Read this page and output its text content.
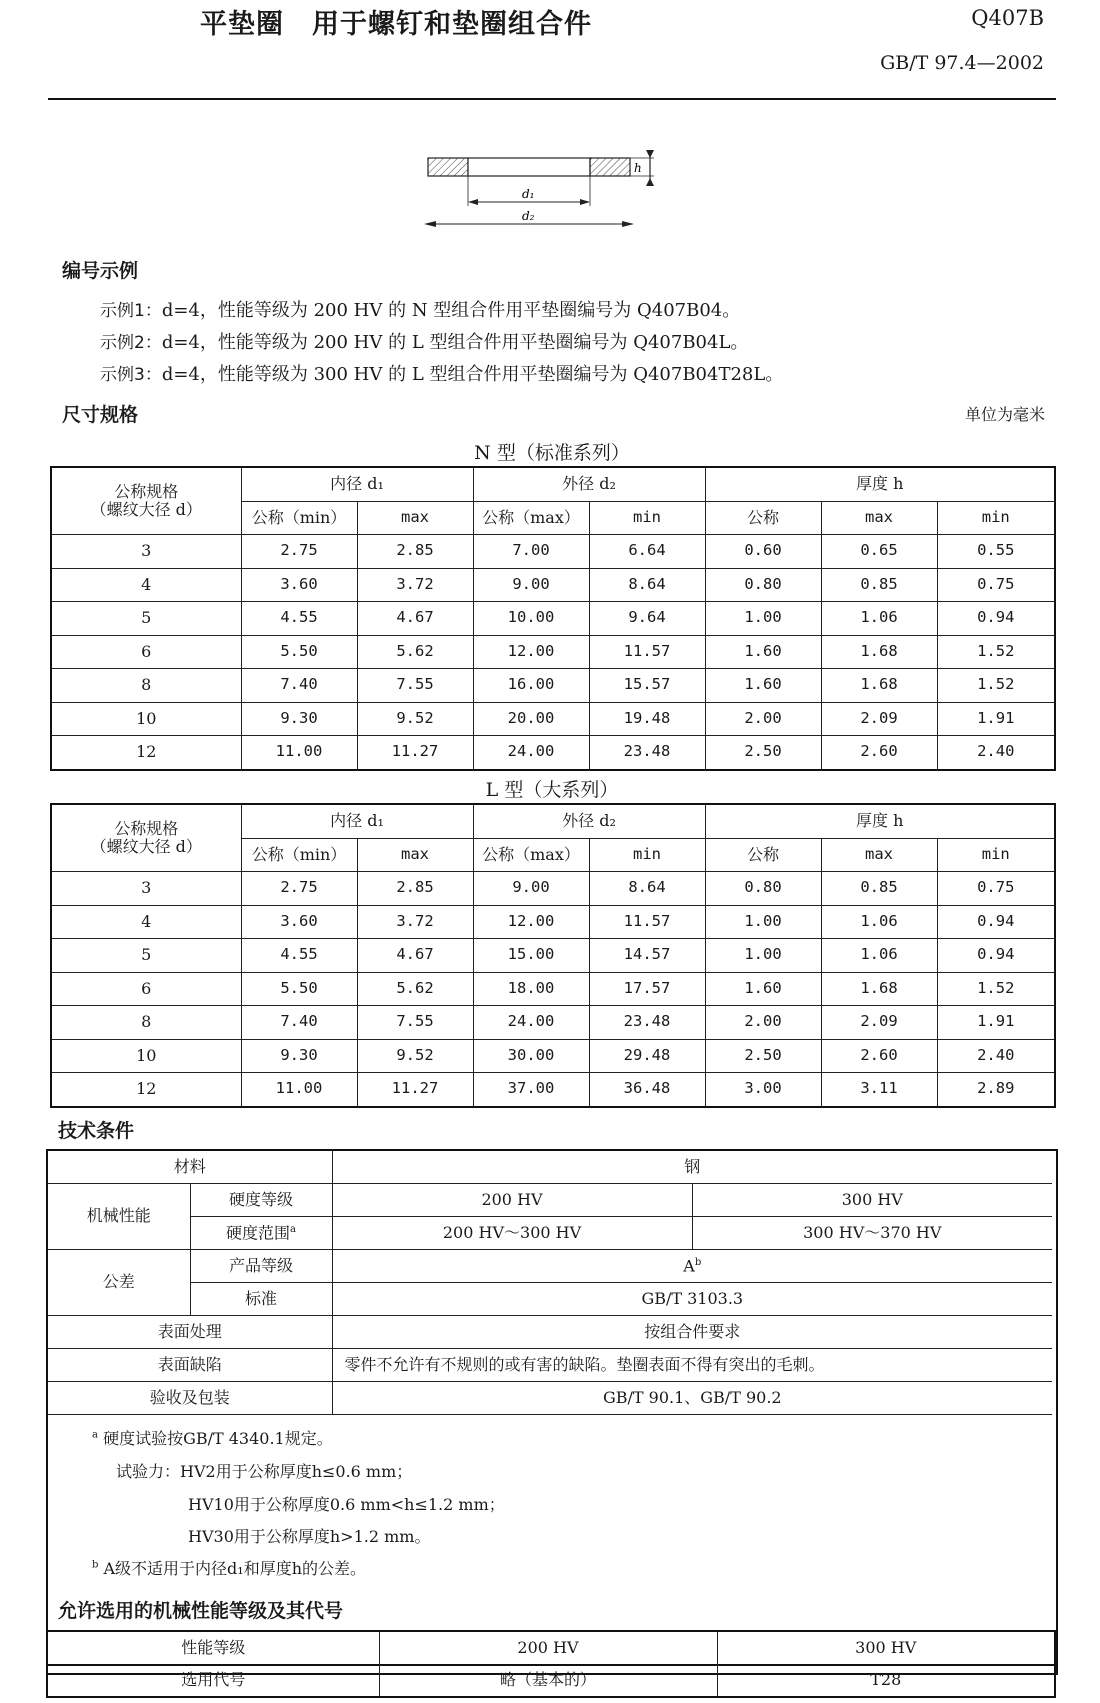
平垫圈　用于螺钉和垫圈组合件	Q407B
GB/T 97.4—2002
h
d₁
d₂
编号示例
示例1：d=4，性能等级为 200 HV 的 N 型组合件用平垫圈编号为 Q407B04。
示例2：d=4，性能等级为 200 HV 的 L 型组合件用平垫圈编号为 Q407B04L。
示例3：d=4，性能等级为 300 HV 的 L 型组合件用平垫圈编号为 Q407B04T28L。
尺寸规格	单位为毫米
N 型（标准系列）
公称规格
（螺纹大径 d）	内径 d₁		外径 d₂		厚度 h		
	公称（min）	max	公称（max）	min	公称	max	min
3	2.75	2.85	7.00	6.64	0.60	0.65	0.55
4	3.60	3.72	9.00	8.64	0.80	0.85	0.75
5	4.55	4.67	10.00	9.64	1.00	1.06	0.94
6	5.50	5.62	12.00	11.57	1.60	1.68	1.52
8	7.40	7.55	16.00	15.57	1.60	1.68	1.52
10	9.30	9.52	20.00	19.48	2.00	2.09	1.91
12	11.00	11.27	24.00	23.48	2.50	2.60	2.40
L 型（大系列）
公称规格
（螺纹大径 d）	内径 d₁		外径 d₂		厚度 h		
	公称（min）	max	公称（max）	min	公称	max	min
3	2.75	2.85	9.00	8.64	0.80	0.85	0.75
4	3.60	3.72	12.00	11.57	1.00	1.06	0.94
5	4.55	4.67	15.00	14.57	1.00	1.06	0.94
6	5.50	5.62	18.00	17.57	1.60	1.68	1.52
8	7.40	7.55	24.00	23.48	2.00	2.09	1.91
10	9.30	9.52	30.00	29.48	2.50	2.60	2.40
12	11.00	11.27	37.00	36.48	3.00	3.11	2.89
技术条件
材料		钢	
机械性能	硬度等级	200 HV	300 HV
	硬度范围$^a$	200 HV～300 HV	300 HV～370 HV
公差	产品等级	$A^b$
	标准	GB/T 3103.3	
表面处理		按组合件要求	
表面缺陷		零件不允许有不规则的或有害的缺陷。垫圈表面不得有突出的毛刺。	
验收及包装		GB/T 90.1、GB/T 90.2	
$^a$ 硬度试验按GB/T 4340.1规定。
试验力：HV2用于公称厚度h≤0.6 mm；
HV10用于公称厚度0.6 mm<h≤1.2 mm；
HV30用于公称厚度h>1.2 mm。
$^b$ A级不适用于内径d₁和厚度h的公差。
允许选用的机械性能等级及其代号
性能等级	200 HV	300 HV
选用代号	略（基本的）	T28
